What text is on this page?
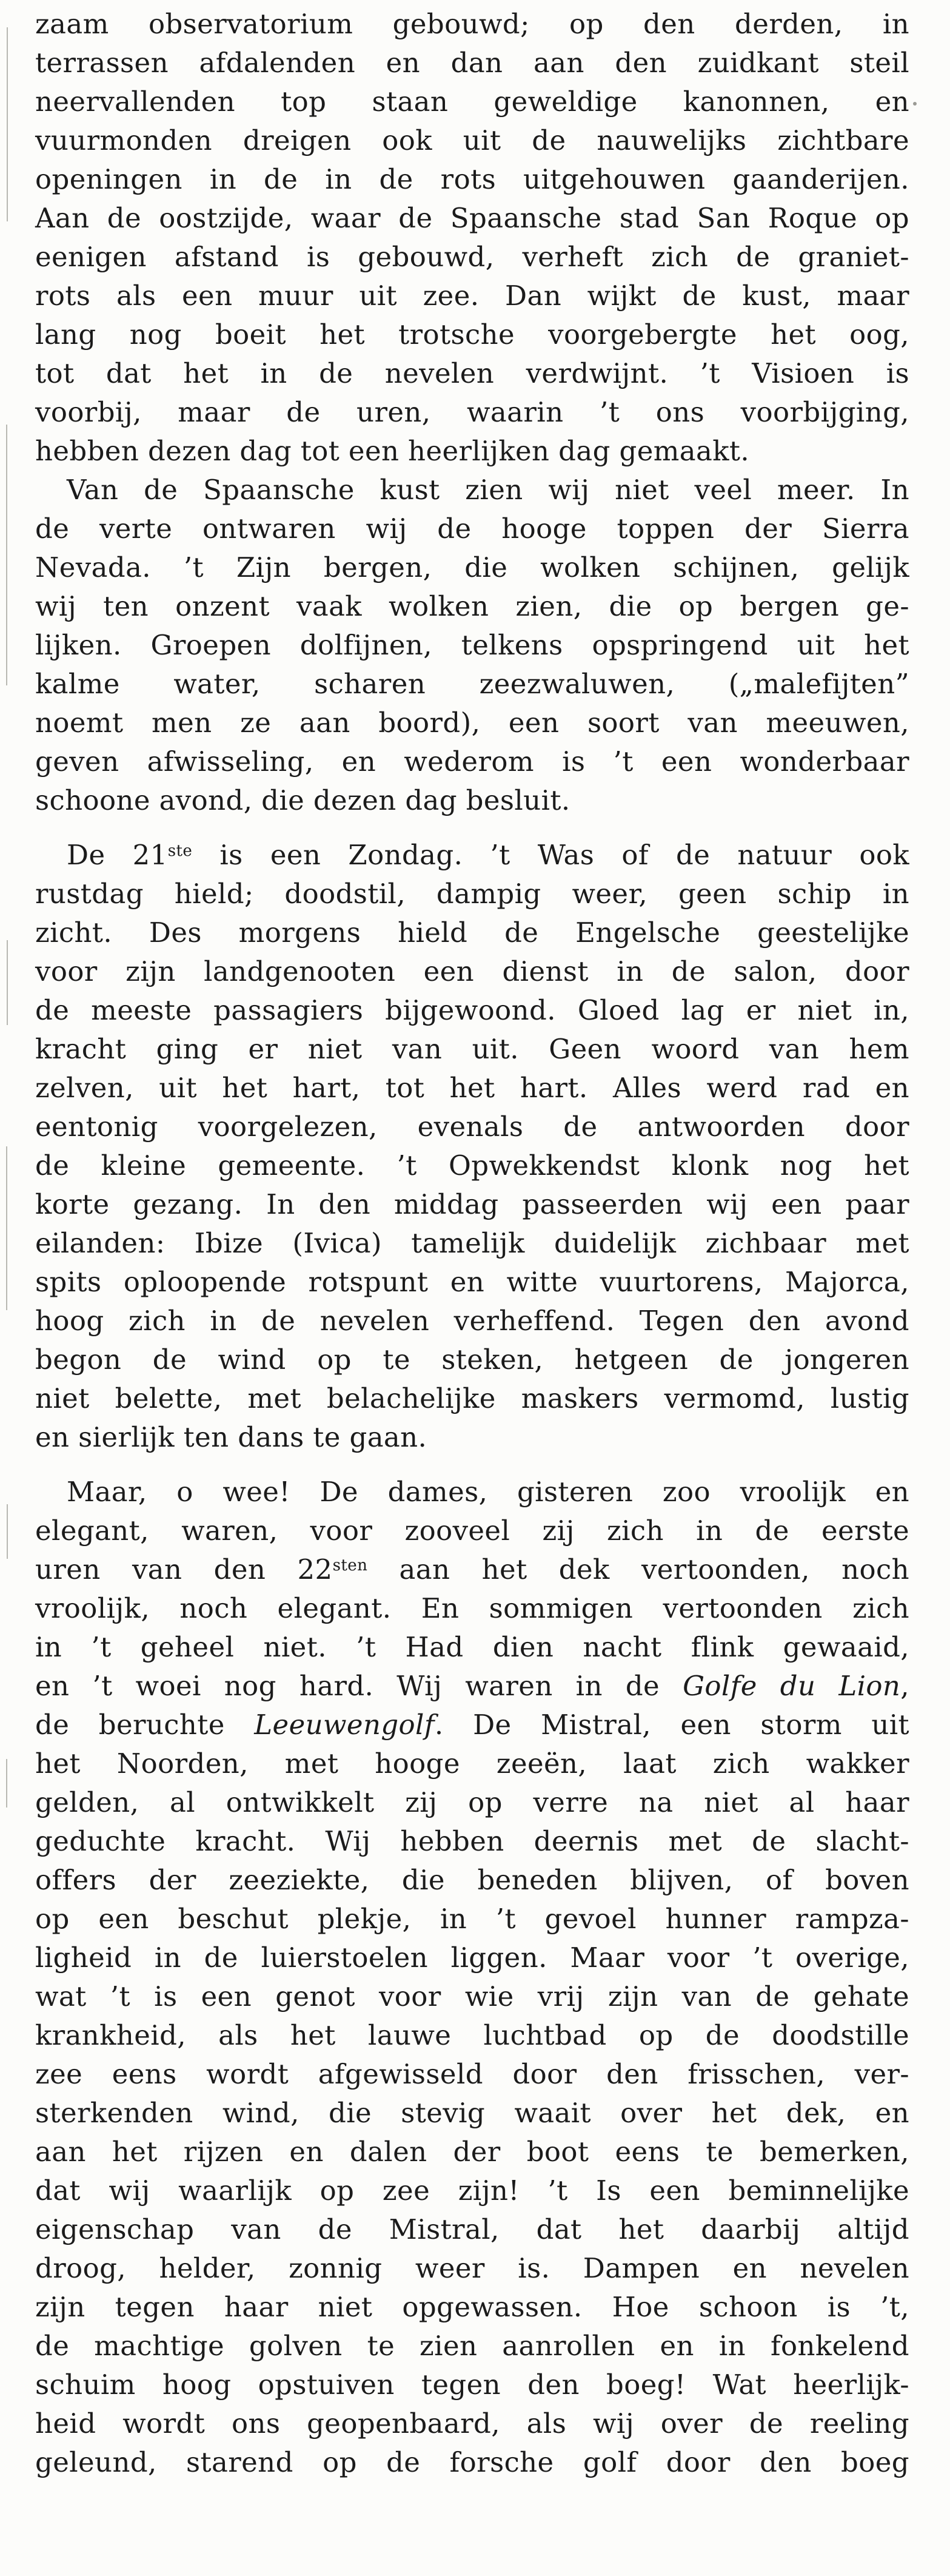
zaam observatorium gebouwd; op den derden, in
terrassen afdalenden en dan aan den zuidkant steil
neervallenden top staan geweldige kanonnen, en
vuurmonden dreigen ook uit de nauwelijks zichtbare
openingen in de in de rots uitgehouwen gaanderijen.
Aan de oostzijde, waar de Spaansche stad San Roque op
eenigen afstand is gebouwd, verheft zich de graniet-
rots als een muur uit zee. Dan wijkt de kust, maar
lang nog boeit het trotsche voorgebergte het oog,
tot dat het in de nevelen verdwijnt. ’t Visioen is
voorbij, maar de uren, waarin ’t ons voorbijging,
hebben dezen dag tot een heerlijken dag gemaakt.
Van de Spaansche kust zien wij niet veel meer. In
de verte ontwaren wij de hooge toppen der Sierra
Nevada. ’t Zijn bergen, die wolken schijnen, gelijk
wij ten onzent vaak wolken zien, die op bergen ge-
lijken. Groepen dolfijnen, telkens opspringend uit het
kalme water, scharen zeezwaluwen, („malefijten”
noemt men ze aan boord), een soort van meeuwen,
geven afwisseling, en wederom is ’t een wonderbaar
schoone avond, die dezen dag besluit.
De 21ste is een Zondag. ’t Was of de natuur ook
rustdag hield; doodstil, dampig weer, geen schip in
zicht. Des morgens hield de Engelsche geestelijke
voor zijn landgenooten een dienst in de salon, door
de meeste passagiers bijgewoond. Gloed lag er niet in,
kracht ging er niet van uit. Geen woord van hem
zelven, uit het hart, tot het hart. Alles werd rad en
eentonig voorgelezen, evenals de antwoorden door
de kleine gemeente. ’t Opwekkendst klonk nog het
korte gezang. In den middag passeerden wij een paar
eilanden: Ibize (Ivica) tamelijk duidelijk zichbaar met
spits oploopende rotspunt en witte vuurtorens, Majorca,
hoog zich in de nevelen verheffend. Tegen den avond
begon de wind op te steken, hetgeen de jongeren
niet belette, met belachelijke maskers vermomd, lustig
en sierlijk ten dans te gaan.
Maar, o wee! De dames, gisteren zoo vroolijk en
elegant, waren, voor zooveel zij zich in de eerste
uren van den $22^{sten}$ aan het dek vertoonden, noch
vroolijk, noch elegant. En sommigen vertoonden zich
in ’t geheel niet. ’t Had dien nacht flink gewaaid,
en ’t woei nog hard. Wij waren in de Golfe du Lion,
de beruchte Leeuwengolf. De Mistral, een storm uit
het Noorden, met hooge zeeën, laat zich wakker
gelden, al ontwikkelt zij op verre na niet al haar
geduchte kracht. Wij hebben deernis met de slacht-
offers der zeeziekte, die beneden blijven, of boven
op een beschut plekje, in ’t gevoel hunner rampza-
ligheid in de luierstoelen liggen. Maar voor ’t overige,
wat ’t is een genot voor wie vrij zijn van de gehate
krankheid, als het lauwe luchtbad op de doodstille
zee eens wordt afgewisseld door den frisschen, ver-
sterkenden wind, die stevig waait over het dek, en
aan het rijzen en dalen der boot eens te bemerken,
dat wij waarlijk op zee zijn! ’t Is een beminnelijke
eigenschap van de Mistral, dat het daarbij altijd
droog, helder, zonnig weer is. Dampen en nevelen
zijn tegen haar niet opgewassen. Hoe schoon is ’t,
de machtige golven te zien aanrollen en in fonkelend
schuim hoog opstuiven tegen den boeg! Wat heerlijk-
heid wordt ons geopenbaard, als wij over de reeling
geleund, starend op de forsche golf door den boeg
